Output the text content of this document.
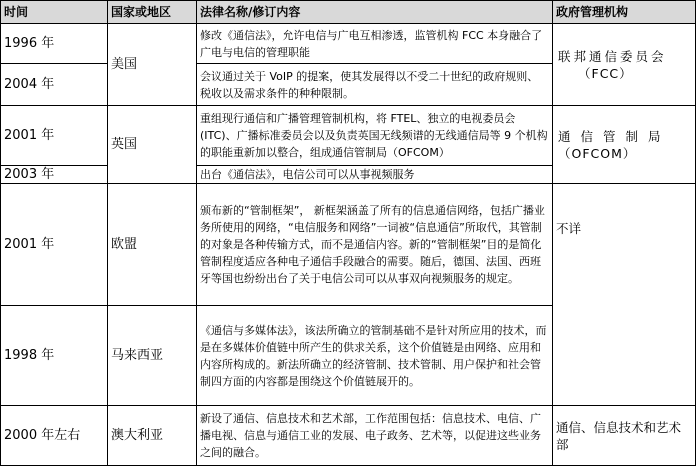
时间	国家或地区	法律名称/修订内容	政府管理机构
1996 年	美国	修改《通信法》，允许电信与广电互相渗透，监管机构 FCC 本身融合了广电与电信的管理职能	联邦通信委员会
（FCC）

2004 年		会议通过关于 VoIP 的提案，使其发展得以不受二十世纪的政府规则、税收以及需求条件的种种限制。	
2001 年	英国	重组现行通信和广播管理管制机构，将 FTEL、独立的电视委员会(ITC)、广播标准委员会以及负责英国无线频谱的无线通信局等 9 个机构的职能重新加以整合，组成通信管制局（OFCOM）	通信管制局
（OFCOM）

2003 年		出台《通信法》，电信公司可以从事视频服务	
2001 年	欧盟	颁布新的“管制框架”， 新框架涵盖了所有的信息通信网络，包括广播业务所使用的网络，“电信服务和网络”一词被“信息通信”所取代，其管制的对象是各种传输方式，而不是通信内容。新的“管制框架”目的是简化管制程度适应各种电子通信手段融合的需要。随后，德国、法国、西班牙等国也纷纷出台了关于电信公司可以从事双向视频服务的规定。	不详

1998 年	马来西亚	《通信与多媒体法》，该法所确立的管制基础不是针对所应用的技术，而是在多媒体价值链中所产生的供求关系，这个价值链是由网络、应用和内容所构成的。新法所确立的经济管制、技术管制、用户保护和社会管制四方面的内容都是围绕这个价值链展开的。	
2000 年左右	澳大利亚	新设了通信、信息技术和艺术部，工作范围包括：信息技术、电信、广播电视、信息与通信工业的发展、电子政务、艺术等，以促进这些业务之间的融合。	通信、信息技术和艺术部
